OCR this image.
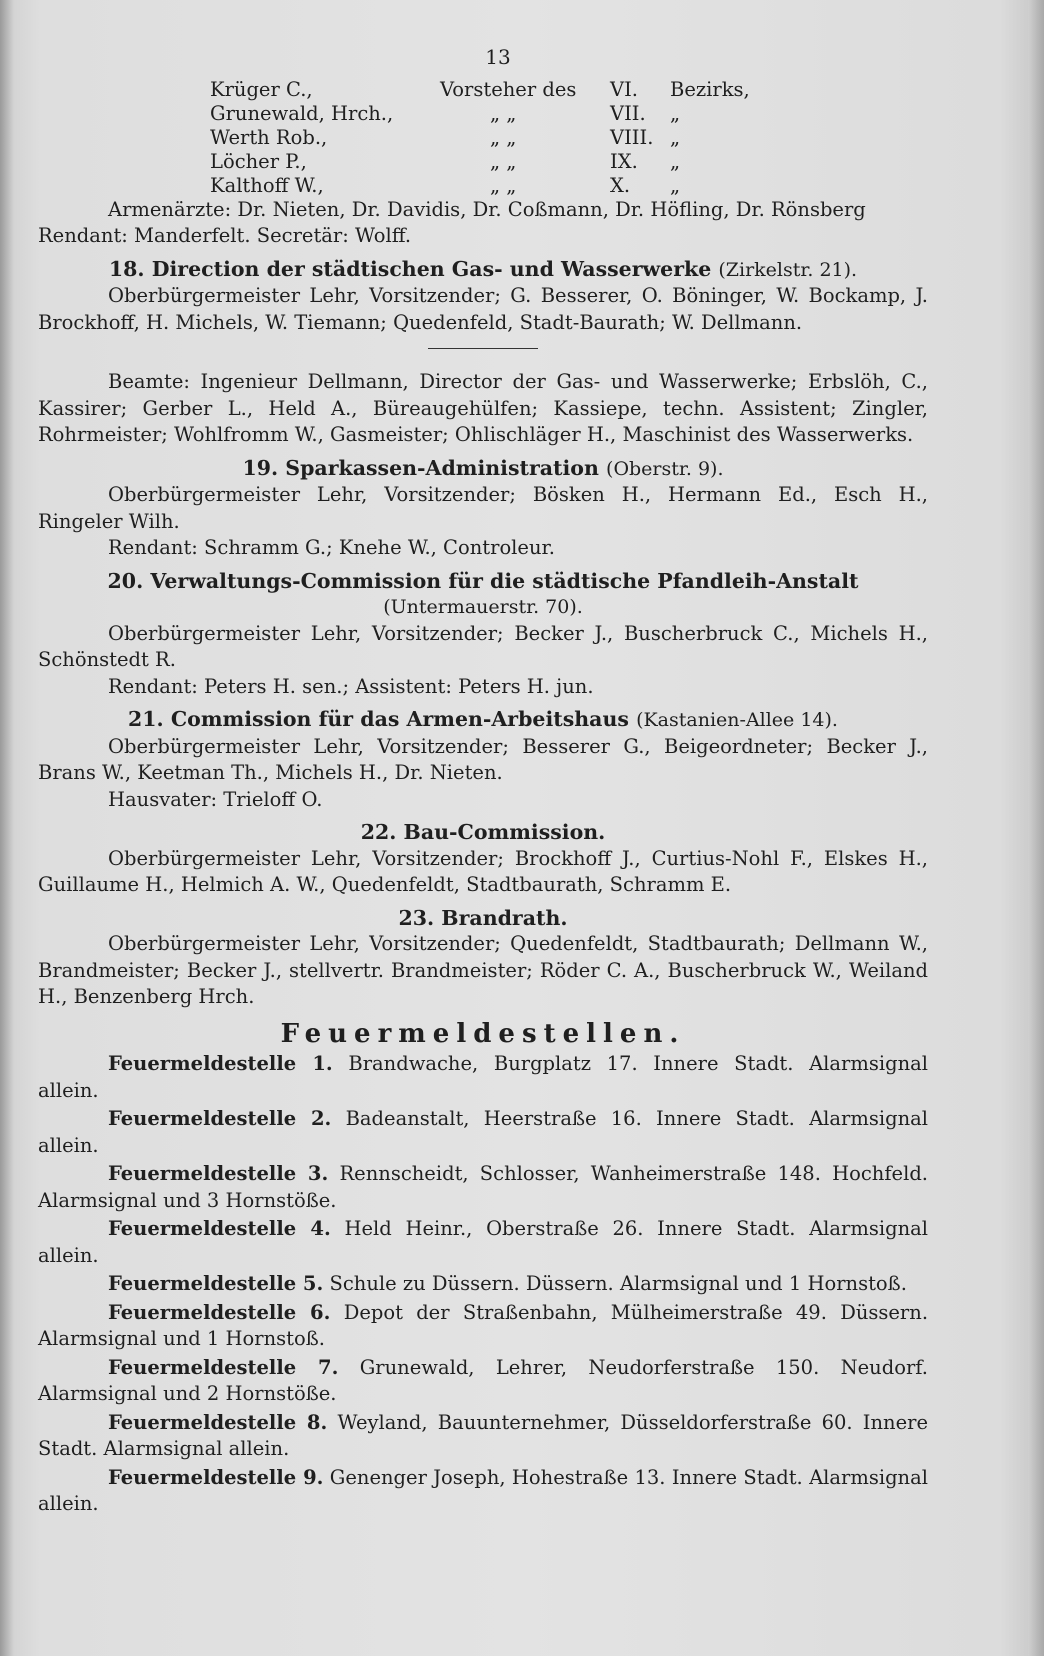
13
Krüger C.,	Vorsteher des	VI.	Bezirks,
Grunewald, Hrch.,	„ „	VII.	„
Werth Rob.,	„ „	VIII. „
Löcher P.,	„ „	IX.	„
Kalthoff W.,	„ „	X.	„

Armenärzte: Dr. Nieten, Dr. Davidis, Dr. Coßmann, Dr. Höfling, Dr. Rönsberg

Rendant: Manderfelt. Secretär: Wolff.

18. Direction der städtischen Gas- und Wasserwerke (Zirkelstr. 21).

Oberbürgermeister Lehr, Vorsitzender; G. Besserer, O. Böninger, W. Bockamp, J. Brockhoff, H. Michels, W. Tiemann; Quedenfeld, Stadt-Baurath; W. Dellmann.

Beamte: Ingenieur Dellmann, Director der Gas- und Wasserwerke; Erbslöh, C., Kassirer; Gerber L., Held A., Büreaugehülfen; Kassiepe, techn. Assistent; Zingler, Rohrmeister; Wohlfromm W., Gasmeister; Ohlischläger H., Maschinist des Wasserwerks.

19. Sparkassen-Administration (Oberstr. 9).

Oberbürgermeister Lehr, Vorsitzender; Bösken H., Hermann Ed., Esch H., Ringeler Wilh.

Rendant: Schramm G.; Knehe W., Controleur.

20. Verwaltungs-Commission für die städtische Pfandleih-Anstalt
(Untermauerstr. 70).

Oberbürgermeister Lehr, Vorsitzender; Becker J., Buscherbruck C., Michels H., Schönstedt R.

Rendant: Peters H. sen.; Assistent: Peters H. jun.

21. Commission für das Armen-Arbeitshaus (Kastanien-Allee 14).

Oberbürgermeister Lehr, Vorsitzender; Besserer G., Beigeordneter; Becker J., Brans W., Keetman Th., Michels H., Dr. Nieten.

Hausvater: Trieloff O.

22. Bau-Commission.

Oberbürgermeister Lehr, Vorsitzender; Brockhoff J., Curtius-Nohl F., Elskes H., Guillaume H., Helmich A. W., Quedenfeldt, Stadtbaurath, Schramm E.

23. Brandrath.

Oberbürgermeister Lehr, Vorsitzender; Quedenfeldt, Stadtbaurath; Dellmann W., Brandmeister; Becker J., stellvertr. Brandmeister; Röder C. A., Buscherbruck W., Weiland H., Benzenberg Hrch.

Feuermeldestellen.

Feuermeldestelle 1. Brandwache, Burgplatz 17. Innere Stadt. Alarmsignal allein.

Feuermeldestelle 2. Badeanstalt, Heerstraße 16. Innere Stadt. Alarmsignal allein.

Feuermeldestelle 3. Rennscheidt, Schlosser, Wanheimerstraße 148. Hochfeld. Alarmsignal und 3 Hornstöße.

Feuermeldestelle 4. Held Heinr., Oberstraße 26. Innere Stadt. Alarmsignal allein.

Feuermeldestelle 5. Schule zu Düssern. Düssern. Alarmsignal und 1 Hornstoß.

Feuermeldestelle 6. Depot der Straßenbahn, Mülheimerstraße 49. Düssern. Alarmsignal und 1 Hornstoß.

Feuermeldestelle 7. Grunewald, Lehrer, Neudorferstraße 150. Neudorf. Alarmsignal und 2 Hornstöße.

Feuermeldestelle 8. Weyland, Bauunternehmer, Düsseldorferstraße 60. Innere Stadt. Alarmsignal allein.

Feuermeldestelle 9. Genenger Joseph, Hohestraße 13. Innere Stadt. Alarmsignal allein.
